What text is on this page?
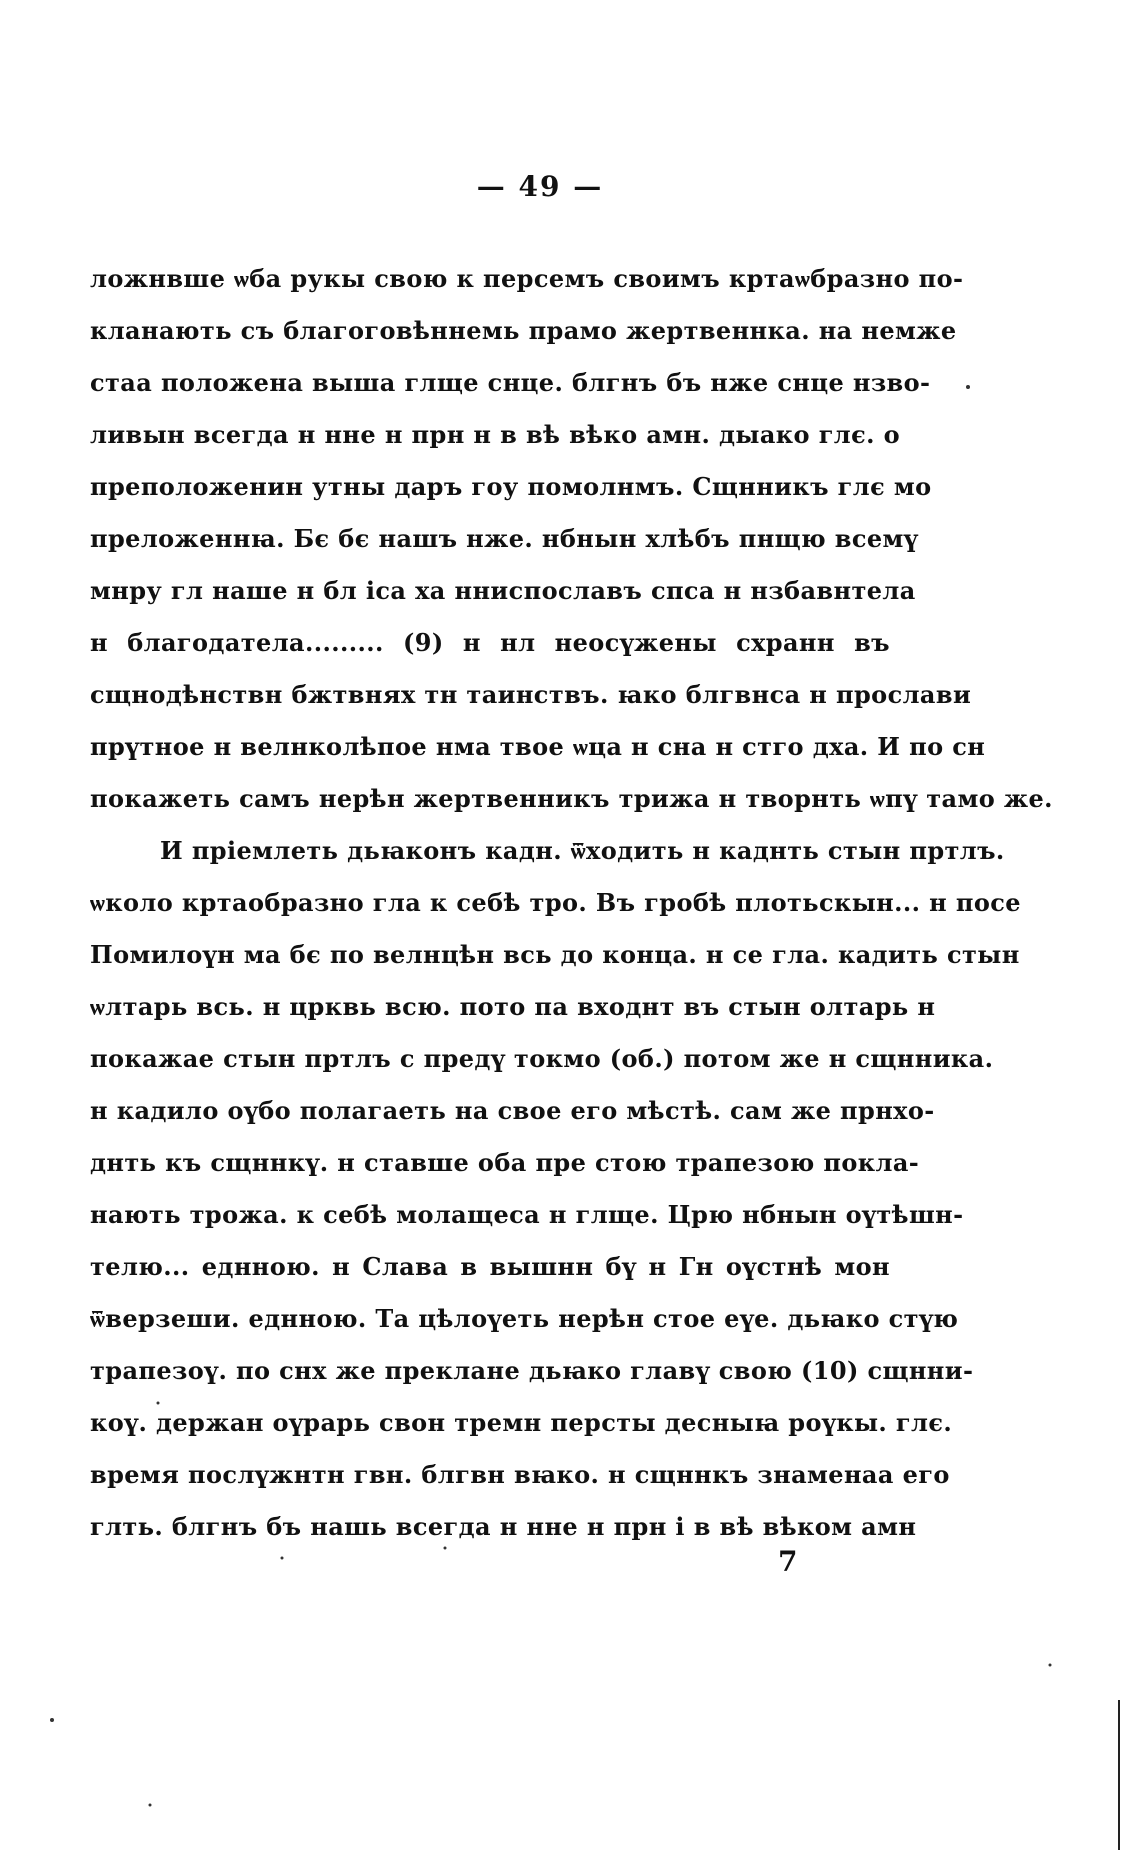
— 49 —
ложнвше ѡба рукы свою к персемъ своимъ кртаѡбразно по-
кланають съ благоговѣннемь прамо жертвеннка. на немже
стаа положена выша глще снце. блгнъ бъ нже снце нзво-
ливын всегда н нне н прн н в вѣ вѣко амн. дыако глє. о
преположенин утны даръ гоу помолнмъ. Сщнникъ глє мо
преложеннꙗ. Бє бє нашъ нже. нбнын хлѣбъ пнщю всемү
мнру гл наше н бл іса ха нниспославъ спса н нзбавнтела
н благодатела......... (9) н нл неосүжены схранн въ
сщнодѣнствн бжтвнях тн таинствъ. ꙗко блгвнса н прослави
прүтное н велнколѣпое нма твое ѡца н сна н стго дха. И по сн
покажеть самъ нерѣн жертвенникъ трижа н творнть ѡпү тамо же.
И пріемлеть дьꙗконъ кадн. ѿходить н каднть стын пртлъ.
ѡколо кртаобразно гла к себѣ тро. Въ гробѣ плотьскын... н посе
Помилоүн ма бє по велнцѣн всь до конца. н се гла. кадить стын
ѡлтарь всь. н црквь всю. пото па входнт въ стын олтарь н
покажае стын пртлъ с предү токмо (об.) потом же н сщнника.
н кадило оүбо полагаеть на свое его мѣстѣ. сам же прнхо-
днть къ сщннкү. н ставше оба пре стою трапезою покла-
нають трожа. к себѣ молащеса н глще. Црю нбнын оүтѣшн-
телю... еднною. н Слава в вышнн бү н Гн оүстнѣ мон
ѿверзеши. еднною. Та цѣлоүеть нерѣн стое еүе. дьꙗко стүю
трапезоү. по снх же преклане дьꙗко главү свою (10) сщнни-
коү. держан оүрарь свон тремн персты десныꙗ роүкы. глє.
время послүжнтн гвн. блгвн вꙗко. н сщннкъ знаменаа его
глть. блгнъ бъ нашь всегда н нне н прн і в вѣ вѣком амн
7
